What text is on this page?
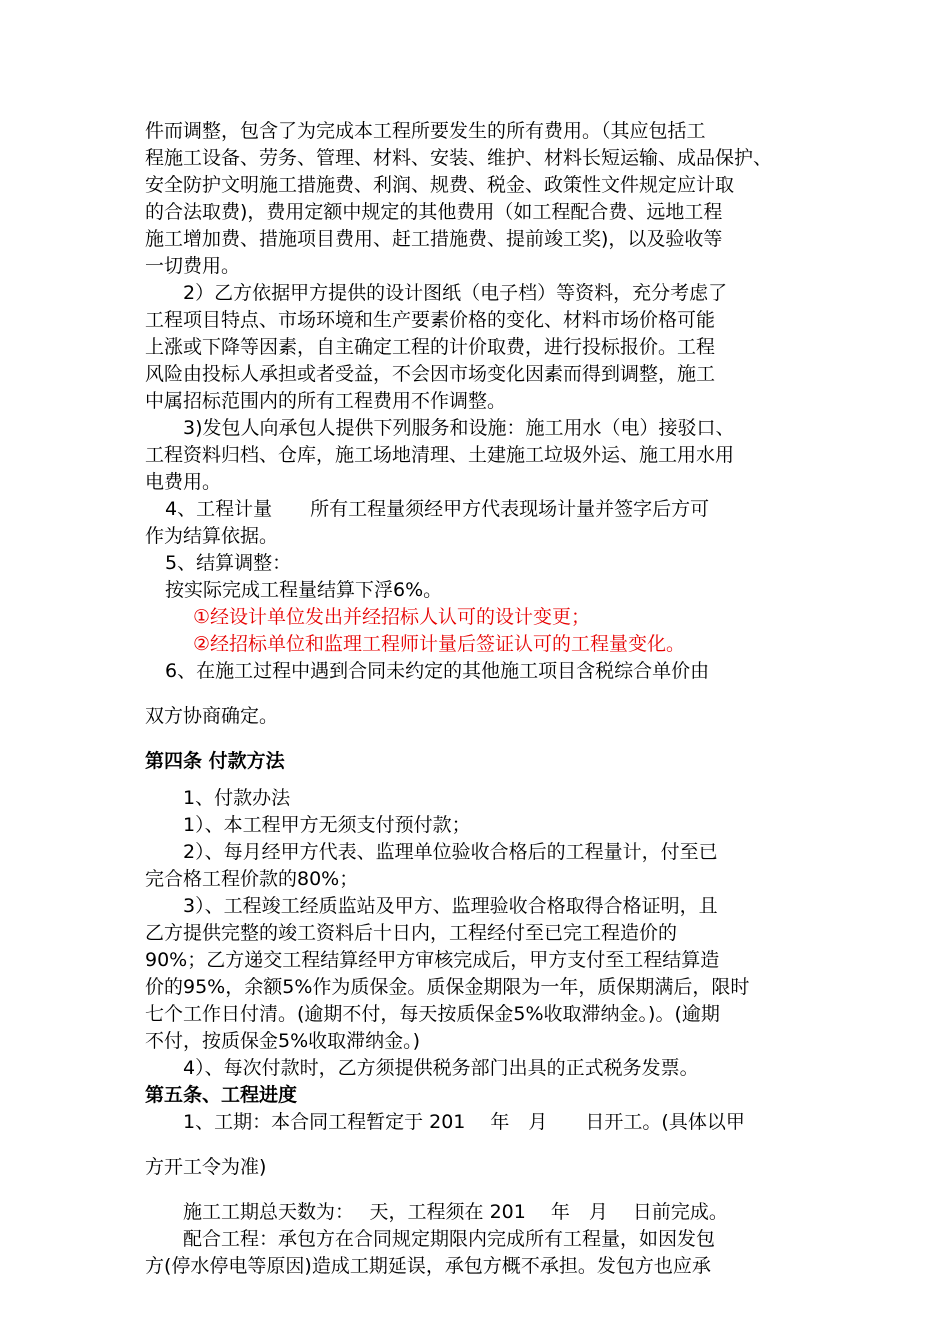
件而调整，包含了为完成本工程所要发生的所有费用。（其应包括工

程施工设备、劳务、管理、材料、安装、维护、材料长短运输、成品保护、

安全防护文明施工措施费、利润、规费、税金、政策性文件规定应计取

的合法取费)，费用定额中规定的其他费用（如工程配合费、远地工程

施工增加费、措施项目费用、赶工措施费、提前竣工奖)，以及验收等

一切费用。

2）乙方依据甲方提供的设计图纸（电子档）等资料，充分考虑了

工程项目特点、市场环境和生产要素价格的变化、材料市场价格可能

上涨或下降等因素，自主确定工程的计价取费，进行投标报价。工程

风险由投标人承担或者受益，不会因市场变化因素而得到调整，施工

中属招标范围内的所有工程费用不作调整。

3)发包人向承包人提供下列服务和设施：施工用水（电）接驳口、

工程资料归档、仓库，施工场地清理、土建施工垃圾外运、施工用水用

电费用。

4、工程计量　　所有工程量须经甲方代表现场计量并签字后方可

作为结算依据。

5、结算调整：

按实际完成工程量结算下浮6%。

①经设计单位发出并经招标人认可的设计变更；

②经招标单位和监理工程师计量后签证认可的工程量变化。

6、在施工过程中遇到合同未约定的其他施工项目含税综合单价由

双方协商确定。

第四条 付款方法

1、付款办法

1）、本工程甲方无须支付预付款；

2）、每月经甲方代表、监理单位验收合格后的工程量计，付至已

完合格工程价款的80%；

3）、工程竣工经质监站及甲方、监理验收合格取得合格证明，且

乙方提供完整的竣工资料后十日内，工程经付至已完工程造价的

90%；乙方递交工程结算经甲方审核完成后，甲方支付至工程结算造

价的95%，余额5%作为质保金。质保金期限为一年，质保期满后，限时

七个工作日付清。(逾期不付，每天按质保金5%收取滞纳金。)。(逾期

不付，按质保金5%收取滞纳金。)

4）、每次付款时，乙方须提供税务部门出具的正式税务发票。

第五条、工程进度

1、工期：本合同工程暂定于 201　 年　月　　日开工。(具体以甲

方开工令为准)

施工工期总天数为：　 天，工程须在 201　 年　月　 日前完成。

配合工程：承包方在合同规定期限内完成所有工程量，如因发包

方(停水停电等原因)造成工期延误，承包方概不承担。发包方也应承
